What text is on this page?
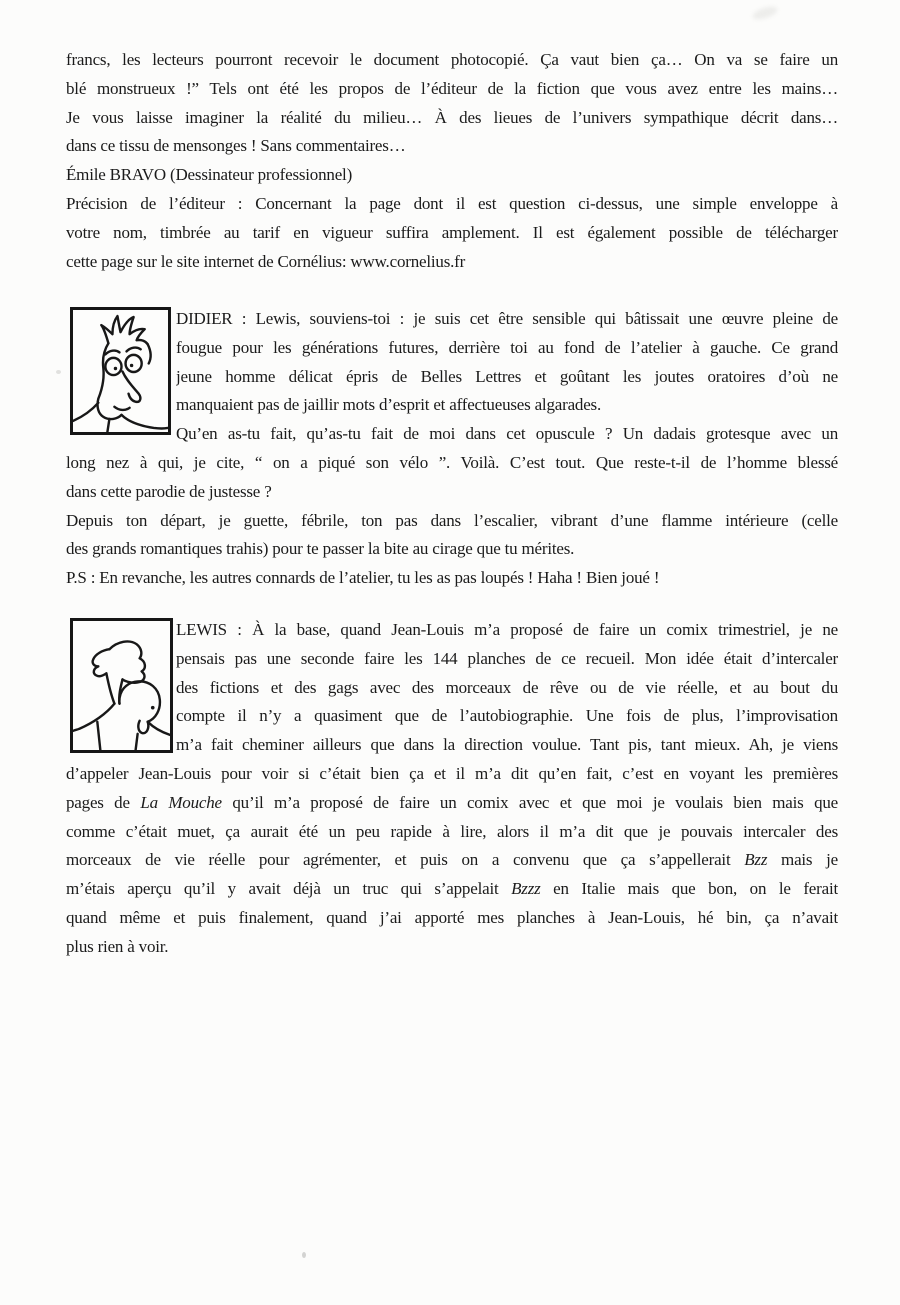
francs, les lecteurs pourront recevoir le document photocopié. Ça vaut bien ça… On va se faire un
blé monstrueux !” Tels ont été les propos de l’éditeur de la fiction que vous avez entre les mains…
Je vous laisse imaginer la réalité du milieu… À des lieues de l’univers sympathique décrit dans…
dans ce tissu de mensonges ! Sans commentaires…
Émile BRAVO (Dessinateur professionnel)
Précision de l’éditeur : Concernant la page dont il est question ci-dessus, une simple enveloppe à
votre nom, timbrée au tarif en vigueur suffira amplement. Il est également possible de télécharger
cette page sur le site internet de Cornélius: www.cornelius.fr
DIDIER : Lewis, souviens-toi : je suis cet être sensible qui bâtissait une œuvre pleine de
fougue pour les générations futures, derrière toi au fond de l’atelier à gauche. Ce grand
jeune homme délicat épris de Belles Lettres et goûtant les joutes oratoires d’où ne
manquaient pas de jaillir mots d’esprit et affectueuses algarades.
Qu’en as-tu fait, qu’as-tu fait de moi dans cet opuscule ? Un dadais grotesque avec un
long nez à qui, je cite, “ on a piqué son vélo ”. Voilà. C’est tout. Que reste-t-il de l’homme blessé
dans cette parodie de justesse ?
Depuis ton départ, je guette, fébrile, ton pas dans l’escalier, vibrant d’une flamme intérieure (celle
des grands romantiques trahis) pour te passer la bite au cirage que tu mérites.
P.S : En revanche, les autres connards de l’atelier, tu les as pas loupés ! Haha ! Bien joué !
LEWIS : À la base, quand Jean-Louis m’a proposé de faire un comix trimestriel, je ne
pensais pas une seconde faire les 144 planches de ce recueil. Mon idée était d’intercaler
des fictions et des gags avec des morceaux de rêve ou de vie réelle, et au bout du
compte il n’y a quasiment que de l’autobiographie. Une fois de plus, l’improvisation
m’a fait cheminer ailleurs que dans la direction voulue. Tant pis, tant mieux. Ah, je viens
d’appeler Jean-Louis pour voir si c’était bien ça et il m’a dit qu’en fait, c’est en voyant les premières
pages de La Mouche qu’il m’a proposé de faire un comix avec et que moi je voulais bien mais que
comme c’était muet, ça aurait été un peu rapide à lire, alors il m’a dit que je pouvais intercaler des
morceaux de vie réelle pour agrémenter, et puis on a convenu que ça s’appellerait Bzz mais je
m’étais aperçu qu’il y avait déjà un truc qui s’appelait Bzzz en Italie mais que bon, on le ferait
quand même et puis finalement, quand j’ai apporté mes planches à Jean-Louis, hé bin, ça n’avait
plus rien à voir.
